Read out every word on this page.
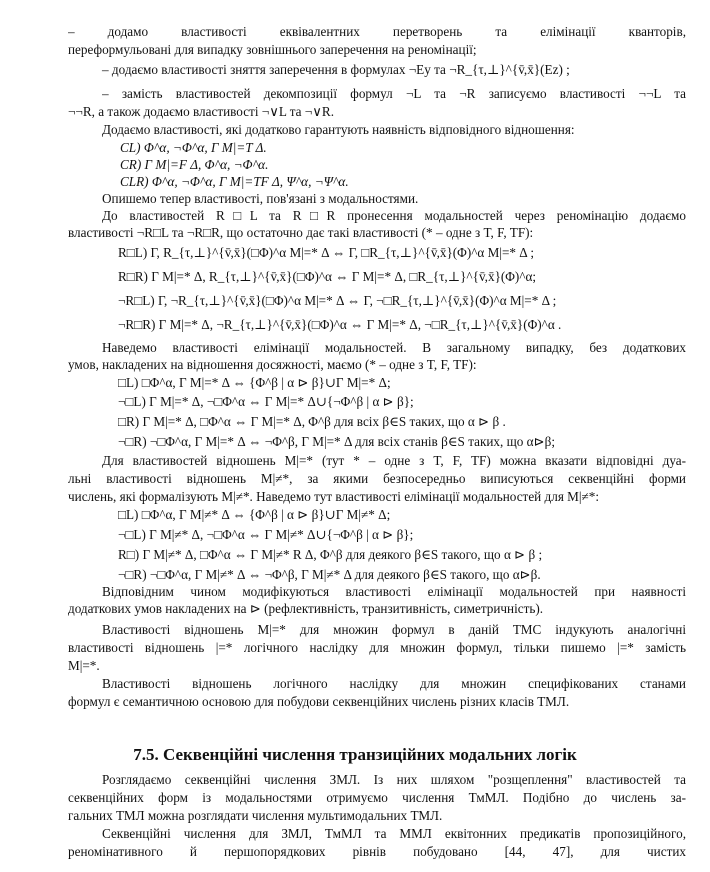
– додамо властивості еквівалентних перетворень та елімінації кванторів,
переформульовані для випадку зовнішнього заперечення на реномінації;
– додаємо властивості зняття заперечення в формулах ¬Ey та ¬R_{τ,⊥}^{v̄,x̄}(Ez) ;
– замість властивостей декомпозиції формул ¬L та ¬R записуємо властивості ¬¬L та
¬¬R, а також додаємо властивості ¬∨L та ¬∨R.
Додаємо властивості, які додатково гарантують наявність відповідного відношення:
CL) Φ^α, ¬Φ^α, Γ M|=T Δ.
CR) Γ M|=F Δ, Φ^α, ¬Φ^α.
CLR) Φ^α, ¬Φ^α, Γ M|=TF Δ, Ψ^α, ¬Ψ^α.
Опишемо тепер властивості, пов'язані з модальностями.
До властивостей R□L та R□R пронесення модальностей через реномінацію додаємо
властивості ¬R□L та ¬R□R, що остаточно дає такі властивості (* – одне з T, F, TF):
R□L) Γ, R_{τ,⊥}^{v̄,x̄}(□Φ)^α M|=* Δ ⇔ Γ, □R_{τ,⊥}^{v̄,x̄}(Φ)^α M|=* Δ ;
R□R) Γ M|=* Δ, R_{τ,⊥}^{v̄,x̄}(□Φ)^α ⇔ Γ M|=* Δ, □R_{τ,⊥}^{v̄,x̄}(Φ)^α;
¬R□L) Γ, ¬R_{τ,⊥}^{v̄,x̄}(□Φ)^α M|=* Δ ⇔ Γ, ¬□R_{τ,⊥}^{v̄,x̄}(Φ)^α M|=* Δ ;
¬R□R) Γ M|=* Δ, ¬R_{τ,⊥}^{v̄,x̄}(□Φ)^α ⇔ Γ M|=* Δ, ¬□R_{τ,⊥}^{v̄,x̄}(Φ)^α .
Наведемо властивості елімінації модальностей. В загальному випадку, без додаткових
умов, накладених на відношення досяжності, маємо (* – одне з T, F, TF):
□L) □Φ^α, Γ M|=* Δ ⇔ {Φ^β | α ⊳ β}∪Γ M|=* Δ;
¬□L) Γ M|=* Δ, ¬□Φ^α ⇔ Γ M|=* Δ∪{¬Φ^β | α ⊳ β};
□R) Γ M|=* Δ, □Φ^α ⇔ Γ M|=* Δ, Φ^β для всіх β∈S таких, що α ⊳ β .
¬□R) ¬□Φ^α, Γ M|=* Δ ⇔ ¬Φ^β, Γ M|=* Δ для всіх станів β∈S таких, що α⊳β;
Для властивостей відношень M|=* (тут * – одне з T, F, TF) можна вказати відповідні дуа-
льні властивості відношень M|≠*, за якими безпосередньо виписуються секвенційні форми
числень, які формалізують M|≠*. Наведемо тут властивості елімінації модальностей для M|≠*:
□L) □Φ^α, Γ M|≠* Δ ⇔ {Φ^β | α ⊳ β}∪Γ M|≠* Δ;
¬□L) Γ M|≠* Δ, ¬□Φ^α ⇔ Γ M|≠* Δ∪{¬Φ^β | α ⊳ β};
R□) Γ M|≠* Δ, □Φ^α ⇔ Γ M|≠* R Δ, Φ^β для деякого β∈S такого, що α ⊳ β ;
¬□R) ¬□Φ^α, Γ M|≠* Δ ⇔ ¬Φ^β, Γ M|≠* Δ для деякого β∈S такого, що α⊳β.
Відповідним чином модифікуються властивості елімінації модальностей при наявності
додаткових умов накладених на ⊳ (рефлективність, транзитивність, симетричність).
Властивості відношень M|=* для множин формул в даній ТМС індукують аналогічні
властивості відношень |=* логічного наслідку для множин формул, тільки пишемо |=* замість
M|=*.
Властивості відношень логічного наслідку для множин специфікованих станами
формул є семантичною основою для побудови секвенційних числень різних класів ТМЛ.
7.5. Секвенційні числення транзиційних модальних логік
Розглядаємо секвенційні числення ЗМЛ. Із них шляхом "розщеплення" властивостей та
секвенційних форм із модальностями отримуємо числення ТмМЛ. Подібно до числень за-
гальних ТМЛ можна розглядати числення мультимодальних ТМЛ.
Секвенційні числення для ЗМЛ, ТмМЛ та ММЛ еквітонних предикатів пропозиційного,
реномінативного й першопорядкових рівнів побудовано [44, 47], для чистих
